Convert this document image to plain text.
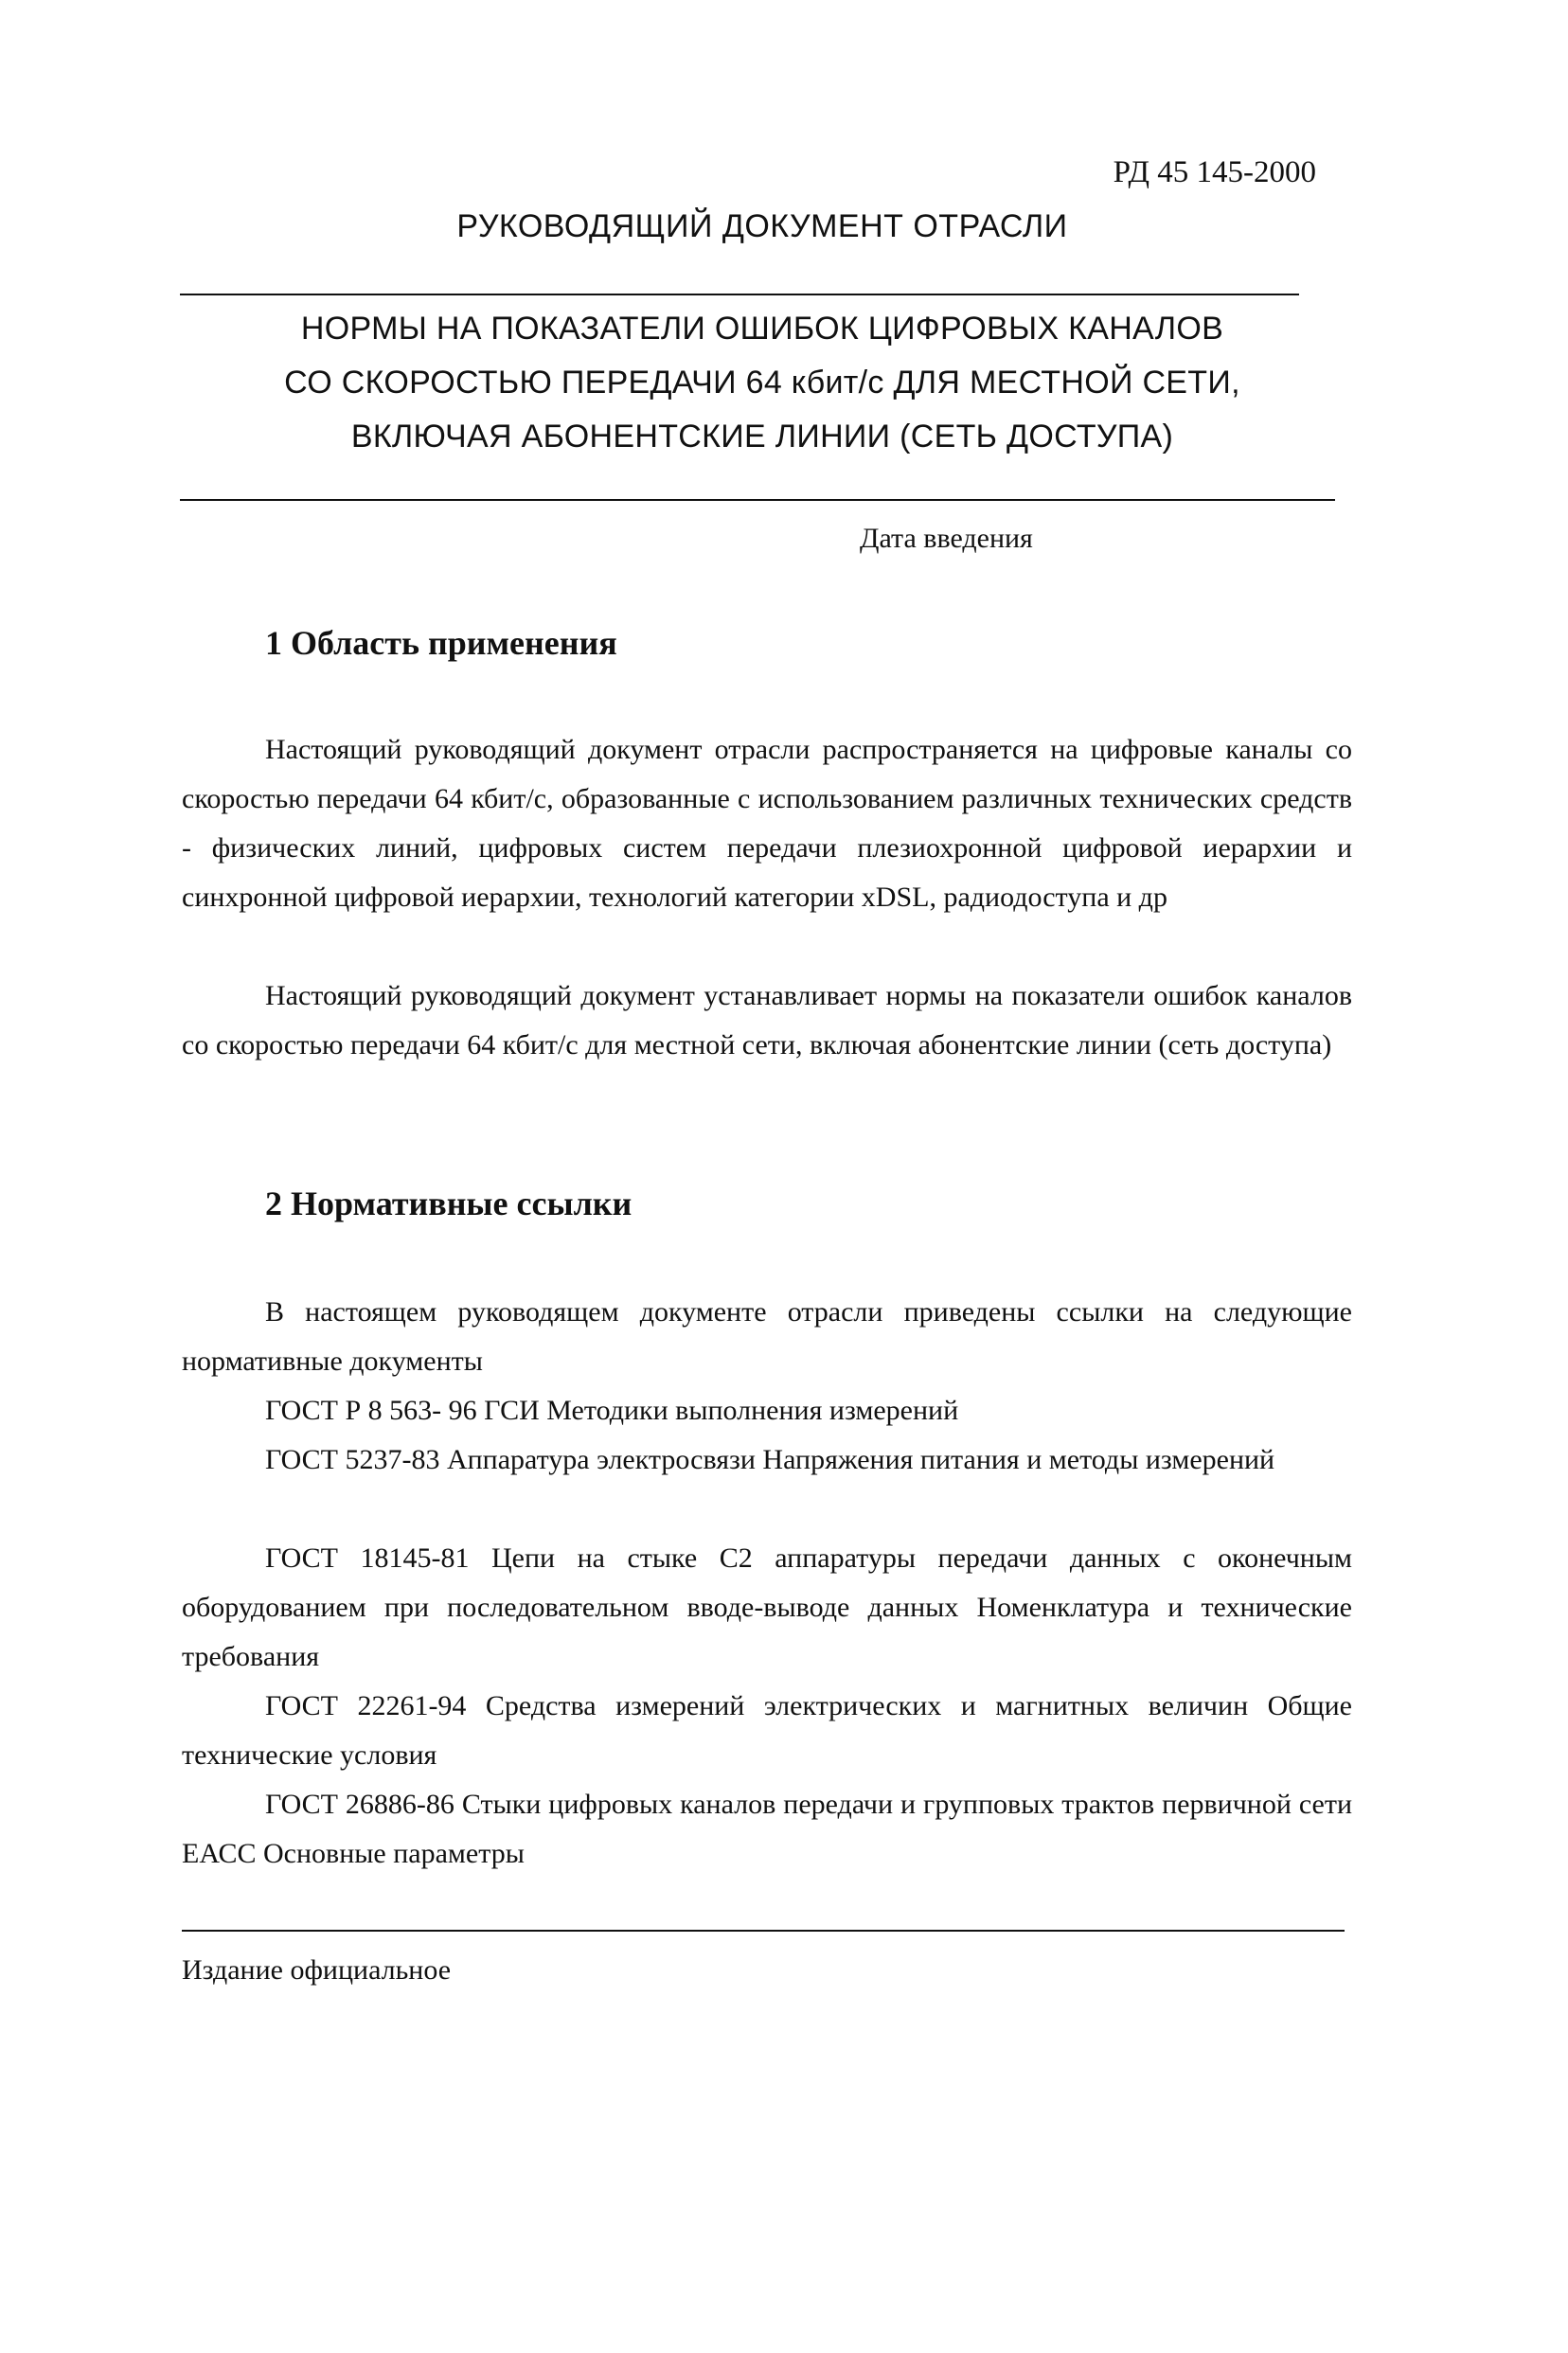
РД 45 145-2000
РУКОВОДЯЩИЙ ДОКУМЕНТ ОТРАСЛИ
НОРМЫ НА ПОКАЗАТЕЛИ ОШИБОК ЦИФРОВЫХ КАНАЛОВ
СО СКОРОСТЬЮ ПЕРЕДАЧИ 64 кбит/с ДЛЯ МЕСТНОЙ СЕТИ,
ВКЛЮЧАЯ АБОНЕНТСКИЕ ЛИНИИ (СЕТЬ ДОСТУПА)
Дата введения
1 Область применения
Настоящий руководящий документ отрасли распространяется на цифровые каналы со скоростью передачи 64 кбит/с, образованные с использованием различных технических средств - физических линий, цифровых систем передачи плезиохронной цифровой иерархии и синхронной цифровой иерархии, технологий категории xDSL, радиодоступа и др
Настоящий руководящий документ устанавливает нормы на показатели ошибок каналов со скоростью передачи 64 кбит/с для местной сети, включая абонентские линии (сеть доступа)
2 Нормативные ссылки
В настоящем руководящем документе отрасли приведены ссылки на следующие нормативные документы
ГОСТ Р 8 563- 96 ГСИ Методики выполнения измерений
ГОСТ 5237-83 Аппаратура электросвязи Напряжения питания и методы измерений
ГОСТ 18145-81 Цепи на стыке С2 аппаратуры передачи данных с оконечным оборудованием при последовательном вводе-выводе данных Номенклатура и технические требования
ГОСТ 22261-94 Средства измерений электрических и магнитных величин Общие технические условия
ГОСТ 26886-86 Стыки цифровых каналов передачи и групповых трактов первичной сети ЕАСС Основные параметры
Издание официальное
